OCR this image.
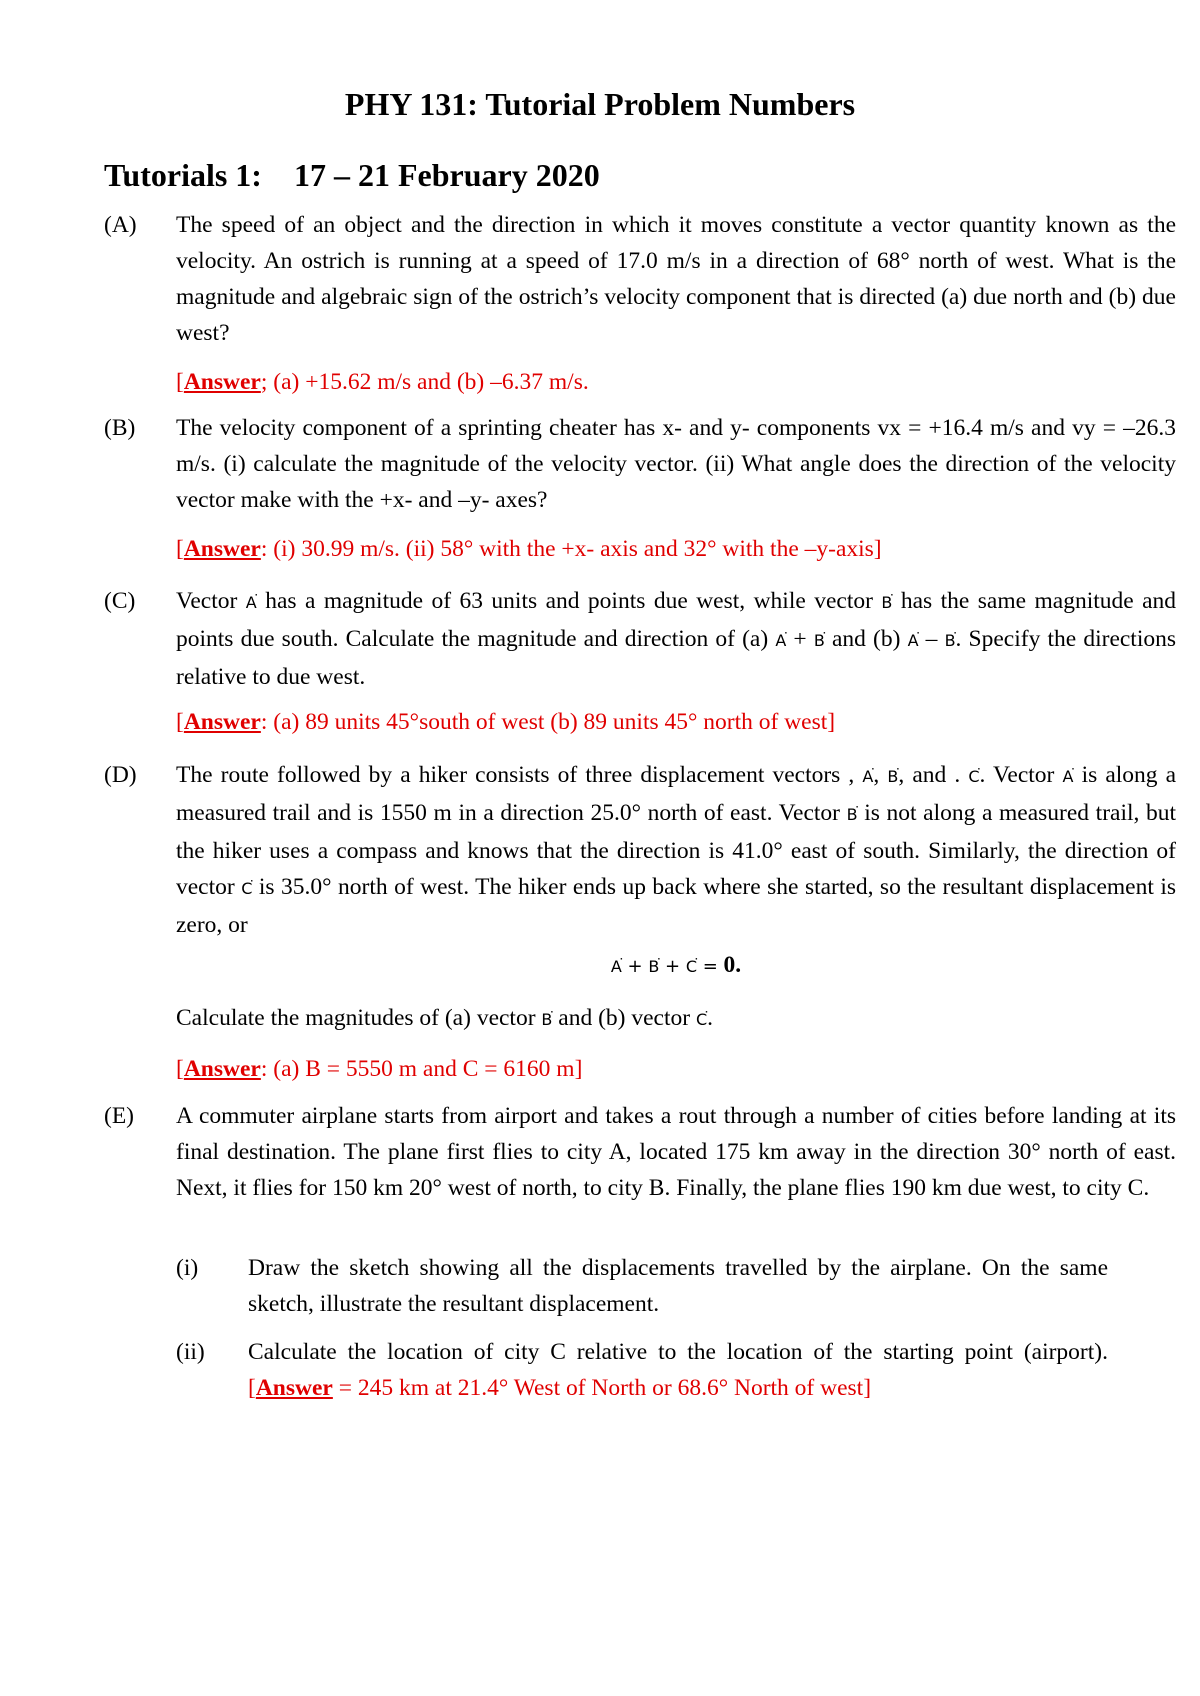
PHY 131: Tutorial Problem Numbers
Tutorials 1:    17 – 21 February 2020
(A)	The speed of an object and the direction in which it moves constitute a vector quantity known as the velocity. An ostrich is running at a speed of 17.0 m/s in a direction of 68° north of west. What is the magnitude and algebraic sign of the ostrich’s velocity component that is directed (a) due north and (b) due west?

[Answer; (a) +15.62 m/s and (b) –6.37 m/s.
(B)	The velocity component of a sprinting cheater has x- and y- components vx = +16.4 m/s and vy = –26.3 m/s. (i) calculate the magnitude of the velocity vector. (ii) What angle does the direction of the velocity vector make with the +x- and –y- axes?

[Answer: (i) 30.99 m/s. (ii) 58° with the +x- axis and 32° with the –y-axis]
(C)	Vector A ˙ has a magnitude of 63 units and points due west, while vector B ˙ has the same magnitude and points due south. Calculate the magnitude and direction of (a) A ˙ + B ˙ and (b) A ˙ – B ˙. Specify the directions relative to due west.

[Answer: (a) 89 units 45°south of west (b) 89 units 45° north of west]
(D)	The route followed by a hiker consists of three displacement vectors , A ˙, B ˙, and . C ˙. Vector A ˙ is along a measured trail and is 1550 m in a direction 25.0° north of east. Vector B ˙ is not along a measured trail, but the hiker uses a compass and knows that the direction is 41.0° east of south. Similarly, the direction of vector C ˙ is 35.0° north of west. The hiker ends up back where she started, so the resultant displacement is zero, or

A ˙ + B ˙ + C ˙ = 0.

Calculate the magnitudes of (a) vector B ˙ and (b) vector C ˙.

[Answer: (a) B = 5550 m and C = 6160 m]
(E)	A commuter airplane starts from airport and takes a rout through a number of cities before landing at its final destination. The plane first flies to city A, located 175 km away in the direction 30° north of east. Next, it flies for 150 km 20° west of north, to city B. Finally, the plane flies 190 km due west, to city C.

(i) Draw the sketch showing all the displacements travelled by the airplane. On the same sketch, illustrate the resultant displacement.
(ii) Calculate the location of city C relative to the location of the starting point (airport). [Answer = 245 km at 21.4° West of North or 68.6° North of west]
